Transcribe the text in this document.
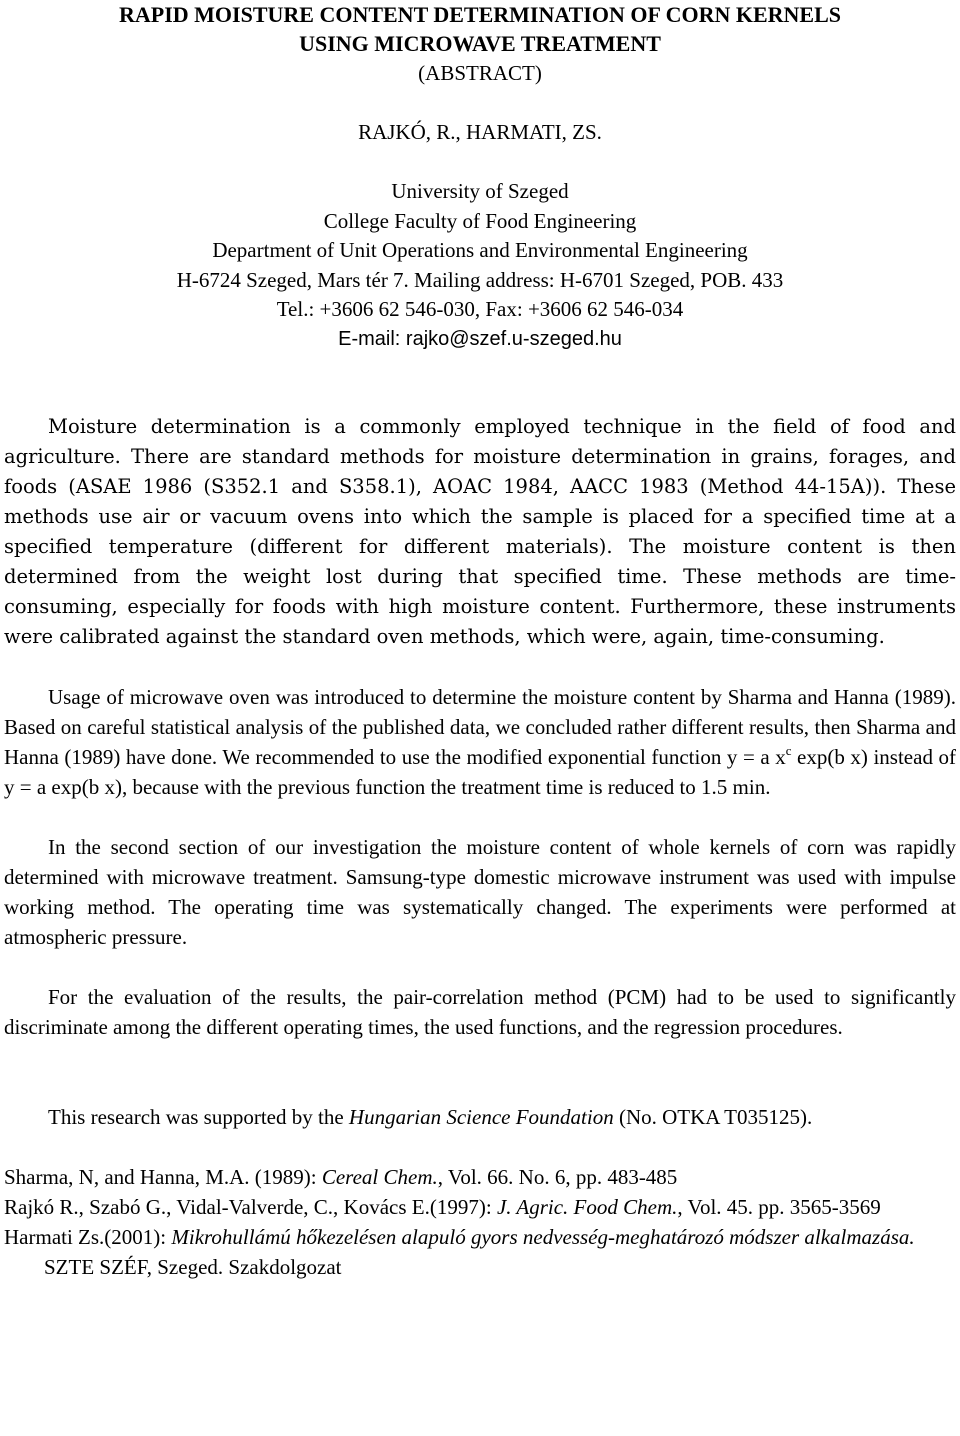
RAPID MOISTURE CONTENT DETERMINATION OF CORN KERNELS
USING MICROWAVE TREATMENT
(ABSTRACT)
RAJKÓ, R., HARMATI, ZS.
University of Szeged
College Faculty of Food Engineering
Department of Unit Operations and Environmental Engineering
H-6724 Szeged, Mars tér 7. Mailing address: H-6701 Szeged, POB. 433
Tel.: +3606 62 546-030, Fax: +3606 62 546-034
E-mail: rajko@szef.u-szeged.hu
Moisture determination is a commonly employed technique in the field of food and agriculture. There are standard methods for moisture determination in grains, forages, and foods (ASAE 1986 (S352.1 and S358.1), AOAC 1984, AACC 1983 (Method 44-15A)). These methods use air or vacuum ovens into which the sample is placed for a specified time at a specified temperature (different for different materials). The moisture content is then determined from the weight lost during that specified time. These methods are time-consuming, especially for foods with high moisture content. Furthermore, these instruments were calibrated against the standard oven methods, which were, again, time-consuming.
Usage of microwave oven was introduced to determine the moisture content by Sharma and Hanna (1989). Based on careful statistical analysis of the published data, we concluded rather different results, then Sharma and Hanna (1989) have done. We recommended to use the modified exponential function y = a $x^c$ exp(b x) instead of y = a exp(b x), because with the previous function the treatment time is reduced to 1.5 min.
In the second section of our investigation the moisture content of whole kernels of corn was rapidly determined with microwave treatment. Samsung-type domestic microwave instrument was used with impulse working method. The operating time was systematically changed. The experiments were performed at atmospheric pressure.
For the evaluation of the results, the pair-correlation method (PCM) had to be used to significantly discriminate among the different operating times, the used functions, and the regression procedures.
This research was supported by the Hungarian Science Foundation (No. OTKA T035125).
Sharma, N, and Hanna, M.A. (1989): Cereal Chem., Vol. 66. No. 6, pp. 483-485
Rajkó R., Szabó G., Vidal-Valverde, C., Kovács E.(1997): J. Agric. Food Chem., Vol. 45. pp. 3565-3569
Harmati Zs.(2001): Mikrohullámú hőkezelésen alapuló gyors nedvesség-meghatározó módszer alkalmazása. SZTE SZÉF, Szeged. Szakdolgozat
